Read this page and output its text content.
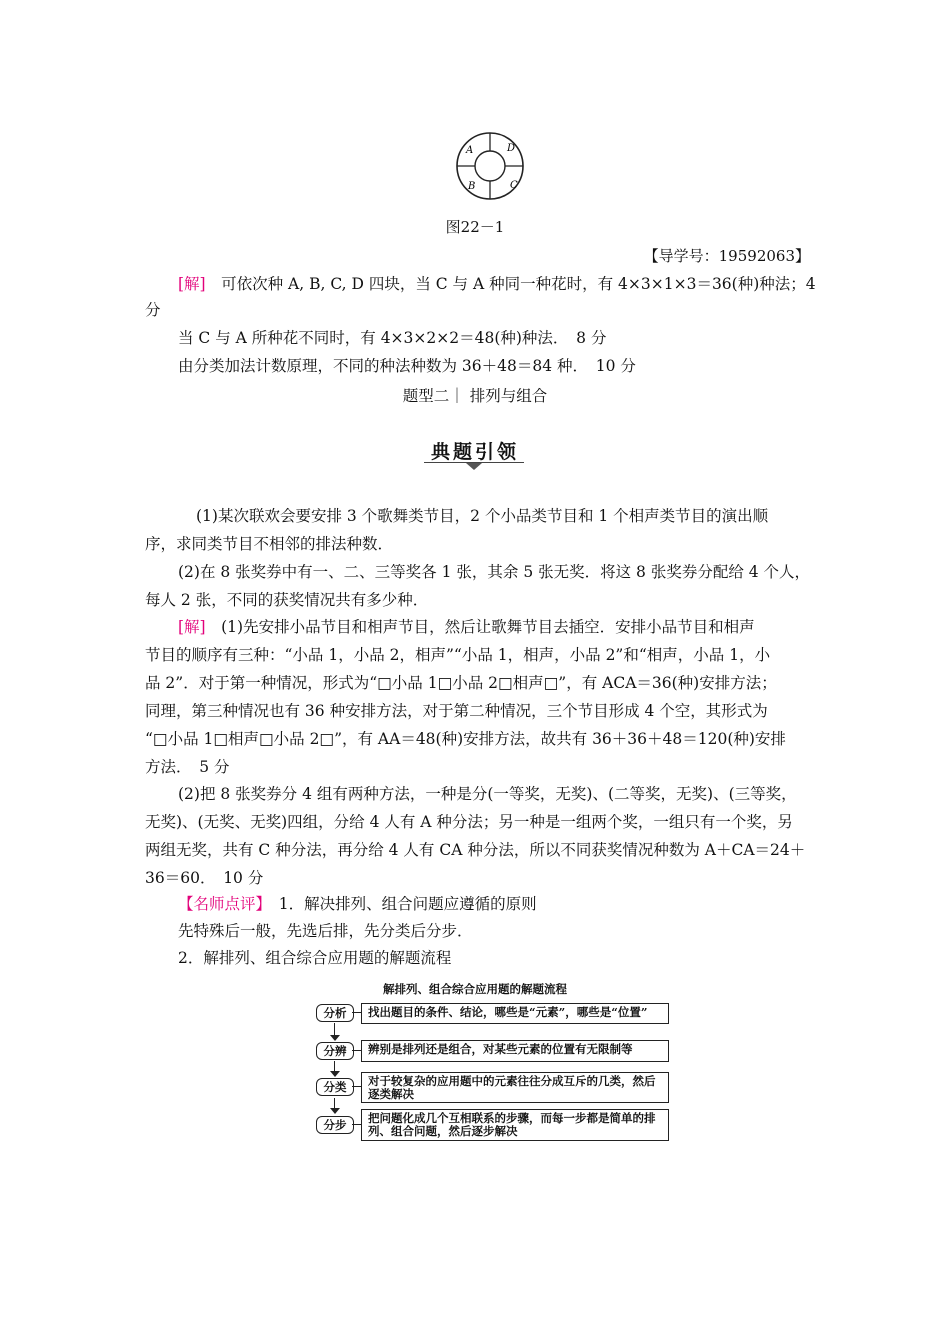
A	D
B	C
图22－1
【导学号：19592063】
[解]　可依次种 A, B, C, D 四块，当 C 与 A 种同一种花时，有 4×3×1×3＝36(种)种法；4
分
当 C 与 A 所种花不同时，有 4×3×2×2＝48(种)种法．　8 分
由分类加法计数原理，不同的种法种数为 36＋48＝84 种．　10 分
题型二｜ 排列与组合
典题引领
(1)某次联欢会要安排 3 个歌舞类节目，2 个小品类节目和 1 个相声类节目的演出顺
序，求同类节目不相邻的排法种数．
(2)在 8 张奖券中有一、二、三等奖各 1 张，其余 5 张无奖．将这 8 张奖券分配给 4 个人，
每人 2 张，不同的获奖情况共有多少种．
[解]　(1)先安排小品节目和相声节目，然后让歌舞节目去插空．安排小品节目和相声
节目的顺序有三种：“小品 1，小品 2，相声”“小品 1，相声，小品 2”和“相声，小品 1，小
品 2”．对于第一种情况，形式为“□小品 1□小品 2□相声□”，有 ACA＝36(种)安排方法；
同理，第三种情况也有 36 种安排方法，对于第二种情况，三个节目形成 4 个空，其形式为
“□小品 1□相声□小品 2□”，有 AA＝48(种)安排方法，故共有 36＋36＋48＝120(种)安排
方法．　5 分
(2)把 8 张奖券分 4 组有两种方法，一种是分(一等奖，无奖)、(二等奖，无奖)、(三等奖，
无奖)、(无奖、无奖)四组，分给 4 人有 A 种分法；另一种是一组两个奖，一组只有一个奖，另
两组无奖，共有 C 种分法，再分给 4 人有 CA 种分法，所以不同获奖情况种数为 A＋CA＝24＋
36＝60．　10 分
【名师点评】　1．解决排列、组合问题应遵循的原则
先特殊后一般，先选后排，先分类后分步．
2．解排列、组合综合应用题的解题流程
解排列、组合综合应用题的解题流程
分析	找出题目的条件、结论，哪些是“元素”，哪些是“位置”
分辨	辨别是排列还是组合，对某些元素的位置有无限制等
分类	对于较复杂的应用题中的元素往往分成互斥的几类，然后逐类解决
分步	把问题化成几个互相联系的步骤，而每一步都是简单的排列、组合问题，然后逐步解决
